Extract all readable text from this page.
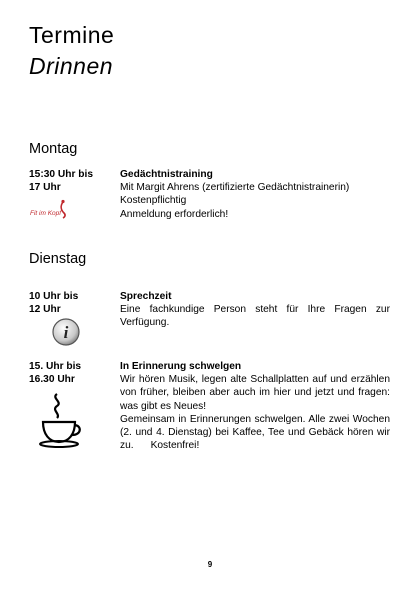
Termine
Drinnen
Montag
15:30 Uhr bis
17 Uhr
Fit im Kopf
Gedächtnistraining
Mit Margit Ahrens (zertifizierte Gedächtnistrainerin)
Kostenpflichtig
Anmeldung erforderlich!
Dienstag
10 Uhr bis
12 Uhr
i
Sprechzeit
Eine fachkundige Person steht für Ihre Fragen zur Verfügung.
15. Uhr bis
16.30 Uhr
In Erinnerung schwelgen
Wir hören Musik, legen alte Schallplatten auf und erzählen von früher, bleiben aber auch im hier und jetzt und fragen: was gibt es Neues!
Gemeinsam in Erinnerungen schwelgen. Alle zwei Wochen (2. und 4. Dienstag) bei Kaffee, Tee und Gebäck hören wir zu.      Kostenfrei!
9
